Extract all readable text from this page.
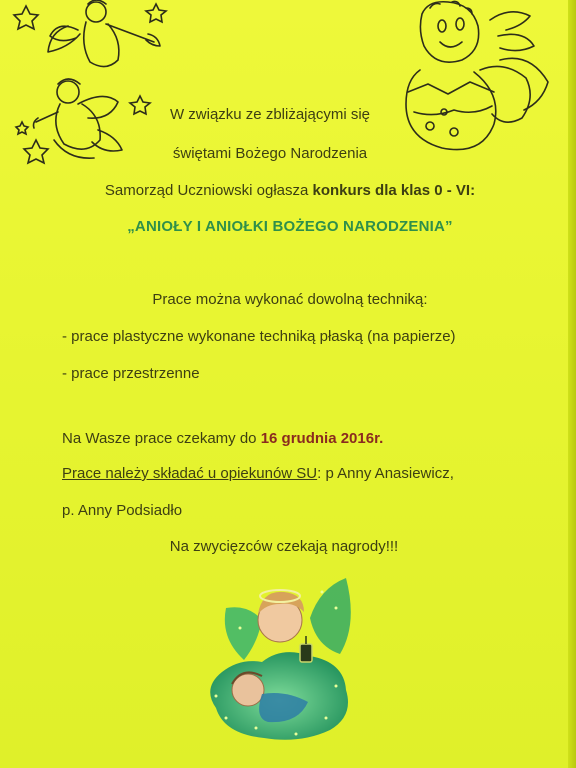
W związku ze zbliżającymi się
świętami Bożego Narodzenia
Samorząd Uczniowski ogłasza konkurs dla klas 0 - VI:
„ANIOŁY I ANIOŁKI BOŻEGO NARODZENIA”
Prace można wykonać dowolną techniką:
- prace plastyczne wykonane techniką płaską (na papierze)
- prace przestrzenne
Na Wasze prace czekamy do 16 grudnia 2016r.
Prace należy składać u opiekunów SU: p Anny Anasiewicz,
p. Anny Podsiadło
Na zwycięzców czekają nagrody!!!
